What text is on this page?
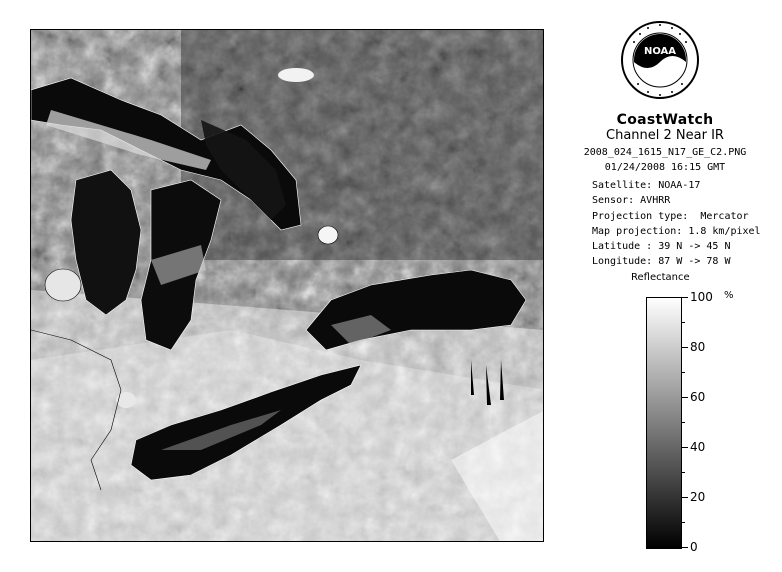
NOAA
CoastWatch
Channel 2 Near IR
2008_024_1615_N17_GE_C2.PNG
01/24/2008 16:15 GMT
Satellite: NOAA-17
Sensor: AVHRR
Projection type:  Mercator
Map projection: 1.8 km/pixel
Latitude : 39 N -> 45 N
Longitude: 87 W -> 78 W
Reflectance
%
100
80
60
40
20
0
